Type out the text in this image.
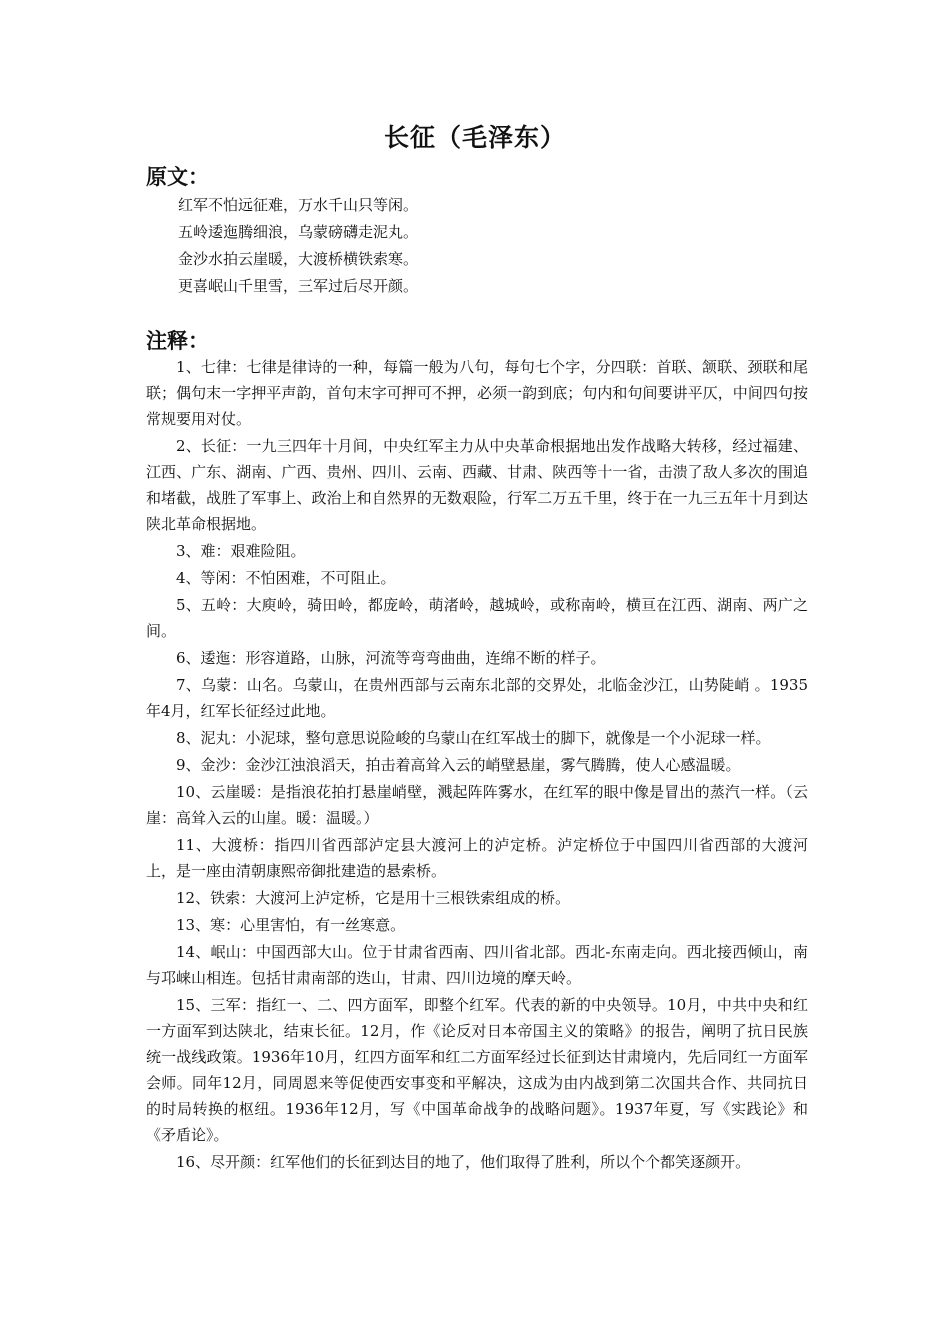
长征（毛泽东）
原文：
红军不怕远征难，万水千山只等闲。
五岭逶迤腾细浪，乌蒙磅礴走泥丸。
金沙水拍云崖暖，大渡桥横铁索寒。
更喜岷山千里雪，三军过后尽开颜。
注释：

1、七律：七律是律诗的一种，每篇一般为八句，每句七个字，分四联：首联、颔联、颈联和尾联；偶句末一字押平声韵，首句末字可押可不押，必须一韵到底；句内和句间要讲平仄，中间四句按常规要用对仗。

2、长征：一九三四年十月间，中央红军主力从中央革命根据地出发作战略大转移，经过福建、江西、广东、湖南、广西、贵州、四川、云南、西藏、甘肃、陕西等十一省，击溃了敌人多次的围追和堵截，战胜了军事上、政治上和自然界的无数艰险，行军二万五千里，终于在一九三五年十月到达陕北革命根据地。

3、难：艰难险阻。

4、等闲：不怕困难，不可阻止。

5、五岭：大庾岭，骑田岭，都庞岭，萌渚岭，越城岭，或称南岭，横亘在江西、湖南、两广之间。

6、逶迤：形容道路，山脉，河流等弯弯曲曲，连绵不断的样子。

7、乌蒙：山名。乌蒙山，在贵州西部与云南东北部的交界处，北临金沙江，山势陡峭 。1935年4月，红军长征经过此地。

8、泥丸：小泥球，整句意思说险峻的乌蒙山在红军战士的脚下，就像是一个小泥球一样。

9、金沙：金沙江浊浪滔天，拍击着高耸入云的峭壁悬崖，雾气腾腾，使人心感温暖。

10、云崖暖：是指浪花拍打悬崖峭壁，溅起阵阵雾水，在红军的眼中像是冒出的蒸汽一样。（云崖：高耸入云的山崖。暖：温暖。）

11、大渡桥：指四川省西部泸定县大渡河上的泸定桥。泸定桥位于中国四川省西部的大渡河上，是一座由清朝康熙帝御批建造的悬索桥。

12、铁索：大渡河上泸定桥，它是用十三根铁索组成的桥。

13、寒：心里害怕，有一丝寒意。

14、岷山：中国西部大山。位于甘肃省西南、四川省北部。西北-东南走向。西北接西倾山，南与邛崃山相连。包括甘肃南部的迭山，甘肃、四川边境的摩天岭。

15、三军：指红一、二、四方面军，即整个红军。代表的新的中央领导。10月，中共中央和红一方面军到达陕北，结束长征。12月，作《论反对日本帝国主义的策略》的报告，阐明了抗日民族统一战线政策。1936年10月，红四方面军和红二方面军经过长征到达甘肃境内，先后同红一方面军会师。同年12月，同周恩来等促使西安事变和平解决，这成为由内战到第二次国共合作、共同抗日的时局转换的枢纽。1936年12月，写《中国革命战争的战略问题》。1937年夏，写《实践论》和《矛盾论》。

16、尽开颜：红军他们的长征到达目的地了，他们取得了胜利，所以个个都笑逐颜开。
